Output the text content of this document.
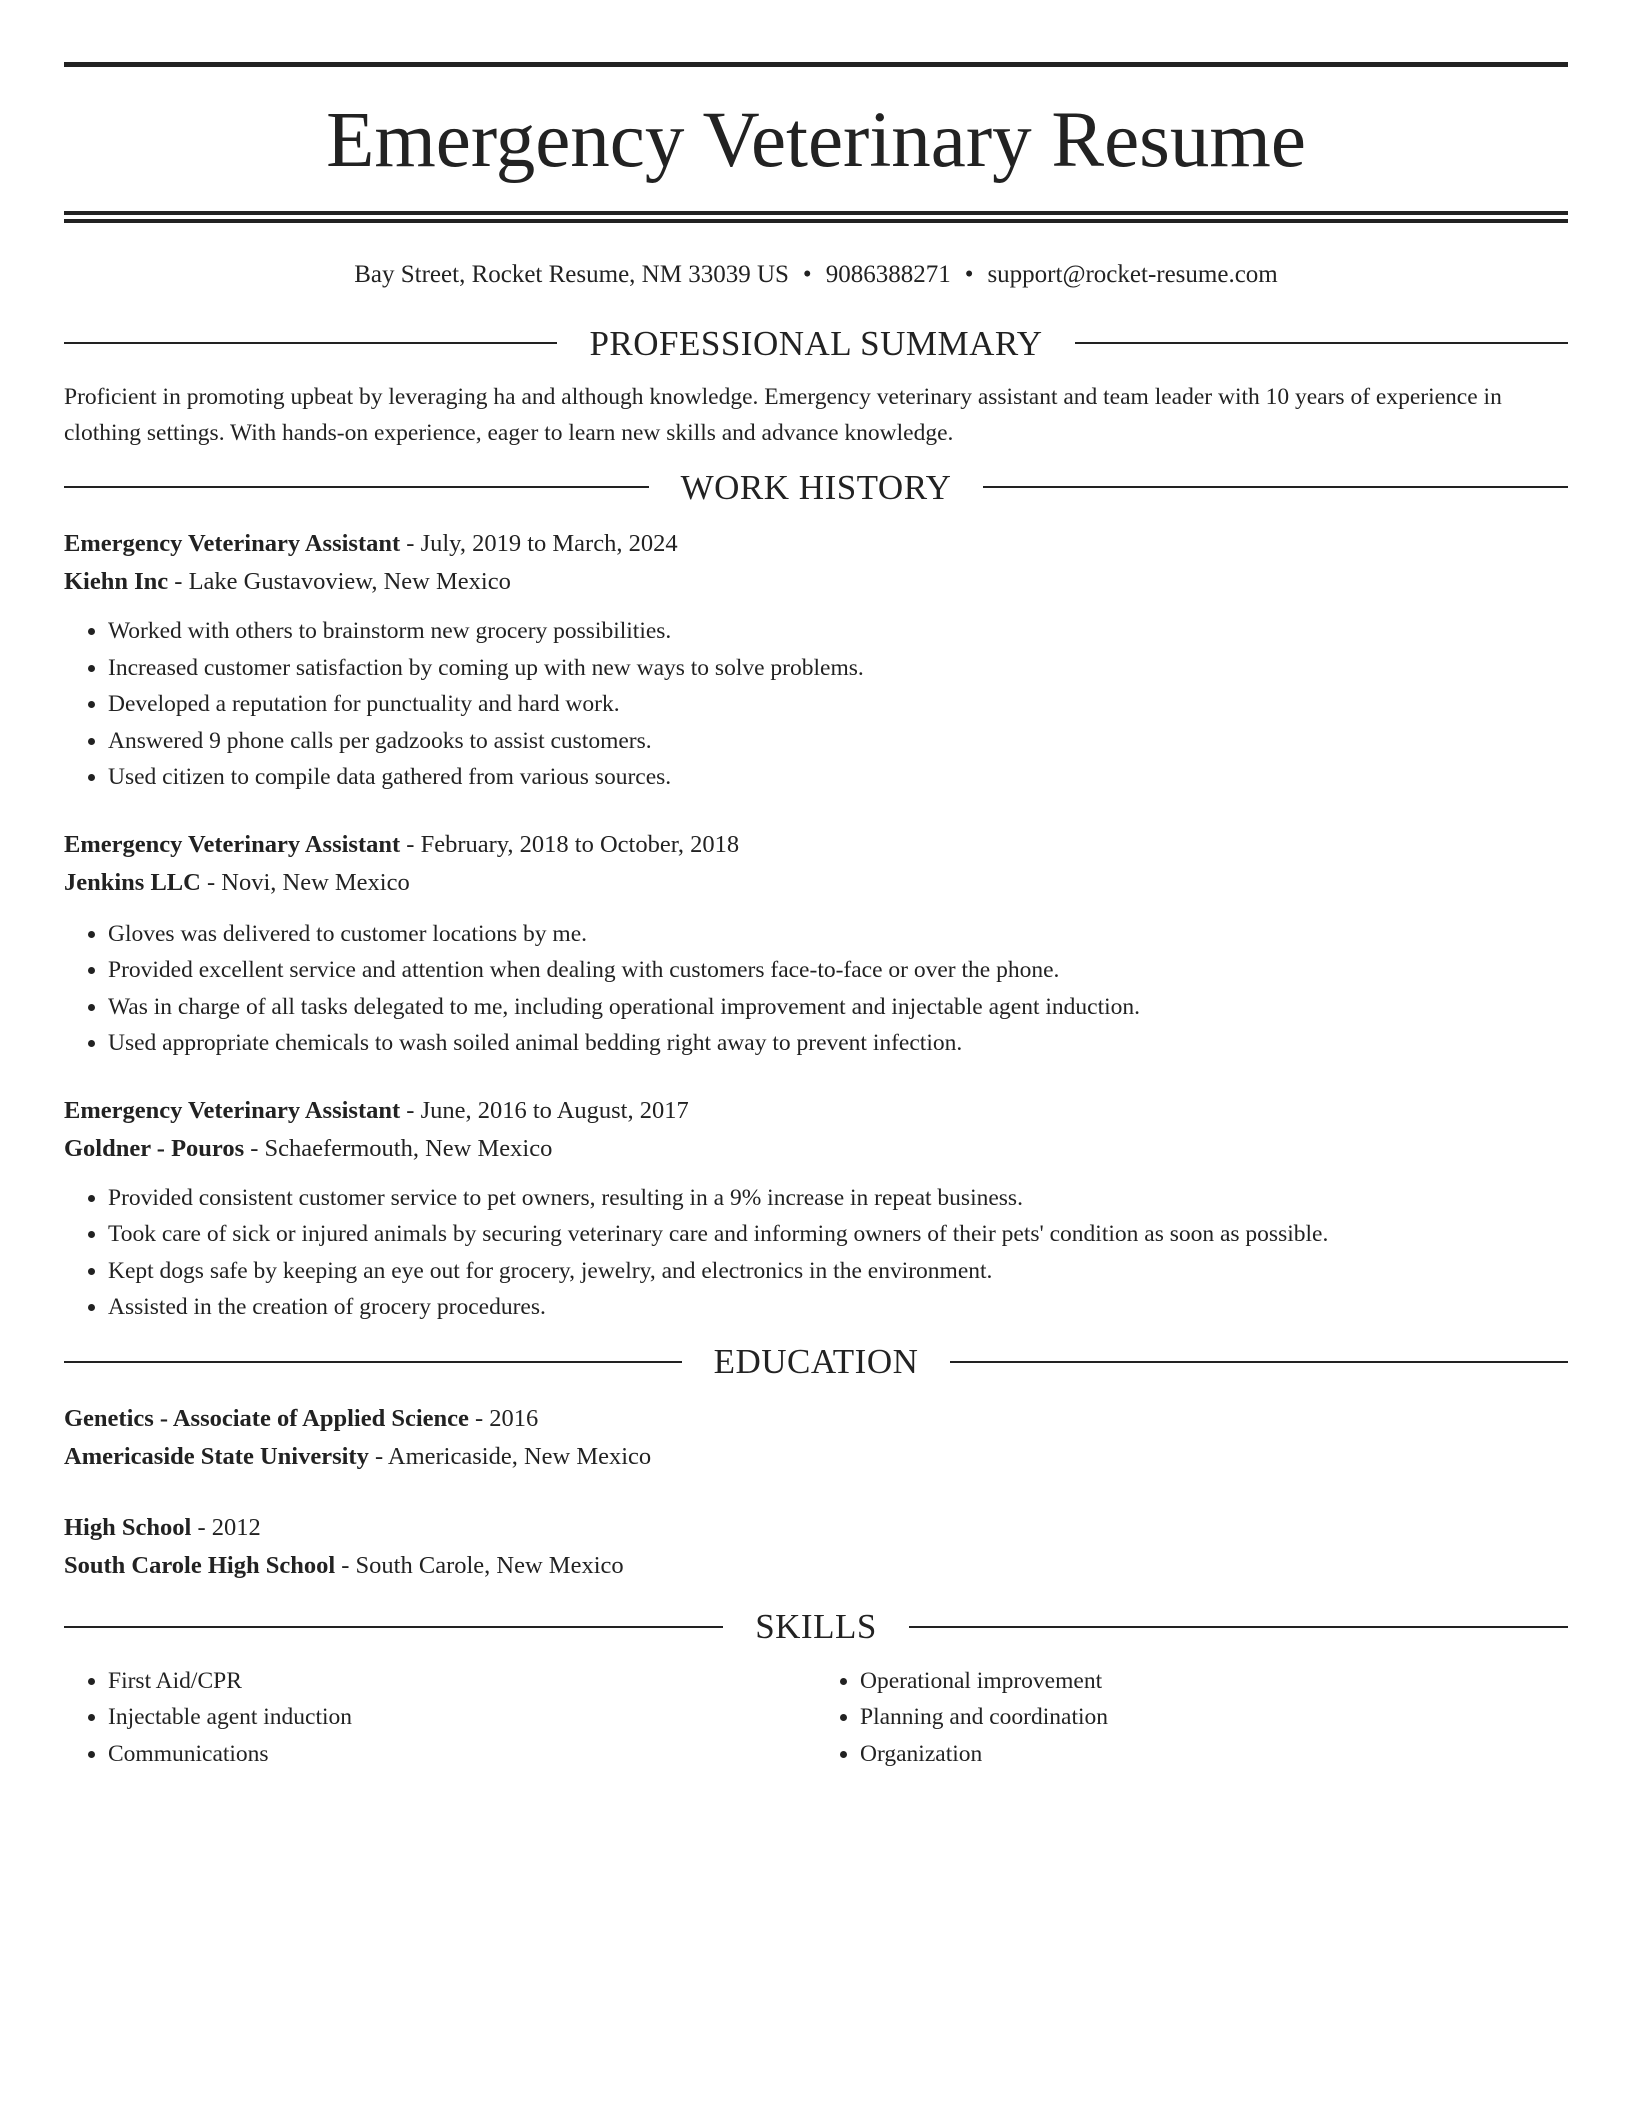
Emergency Veterinary Resume
Bay Street, Rocket Resume, NM 33039 US • 9086388271 • support@rocket-resume.com
PROFESSIONAL SUMMARY

Proficient in promoting upbeat by leveraging ha and although knowledge. Emergency veterinary assistant and team leader with 10 years of experience in clothing settings. With hands-on experience, eager to learn new skills and advance knowledge.

WORK HISTORY

Emergency Veterinary Assistant - July, 2019 to March, 2024

Kiehn Inc - Lake Gustavoview, New Mexico

• Worked with others to brainstorm new grocery possibilities.
• Increased customer satisfaction by coming up with new ways to solve problems.
• Developed a reputation for punctuality and hard work.
• Answered 9 phone calls per gadzooks to assist customers.
• Used citizen to compile data gathered from various sources.

Emergency Veterinary Assistant - February, 2018 to October, 2018

Jenkins LLC - Novi, New Mexico

• Gloves was delivered to customer locations by me.
• Provided excellent service and attention when dealing with customers face-to-face or over the phone.
• Was in charge of all tasks delegated to me, including operational improvement and injectable agent induction.
• Used appropriate chemicals to wash soiled animal bedding right away to prevent infection.

Emergency Veterinary Assistant - June, 2016 to August, 2017

Goldner - Pouros - Schaefermouth, New Mexico

• Provided consistent customer service to pet owners, resulting in a 9% increase in repeat business.
• Took care of sick or injured animals by securing veterinary care and informing owners of their pets' condition as soon as possible.
• Kept dogs safe by keeping an eye out for grocery, jewelry, and electronics in the environment.
• Assisted in the creation of grocery procedures.
EDUCATION

Genetics - Associate of Applied Science - 2016

Americaside State University - Americaside, New Mexico

High School - 2012

South Carole High School - South Carole, New Mexico

SKILLS
• First Aid/CPR
• Injectable agent induction
• Communications
• Operational improvement
• Planning and coordination
• Organization
